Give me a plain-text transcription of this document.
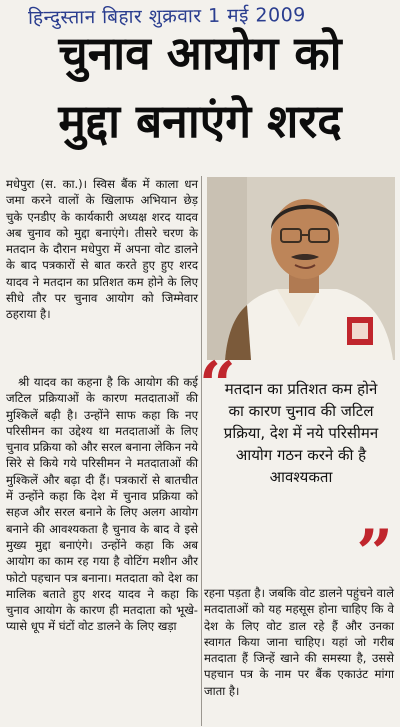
हिन्दुस्तान बिहार शुक्रवार 1 मई 2009
चुनाव आयोग को
मुद्दा बनाएंगे शरद
मधेपुरा (स. का.)। स्विस बैंक में काला धन जमा करने वालों के खिलाफ अभियान छेड़ चुके एनडीए के कार्यकारी अध्यक्ष शरद यादव अब चुनाव को मुद्दा बनाएंगे। तीसरे चरण के मतदान के दौरान मधेपुरा में अपना वोट डालने के बाद पत्रकारों से बात करते हुए हुए शरद यादव ने मतदान का प्रतिशत कम होने के लिए सीधे तौर पर चुनाव आयोग को जिम्मेवार ठहराया है।
श्री यादव का कहना है कि आयोग की कई जटिल प्रक्रियाओं के कारण मतदाताओं की मुश्किलें बढ़ी है। उन्होंने साफ कहा कि नए परिसीमन का उद्देश्य था मतदाताओं के लिए चुनाव प्रक्रिया को और सरल बनाना लेकिन नये सिरे से किये गये परिसीमन ने मतदाताओं की मुश्किलें और बढ़ा दी हैं। पत्रकारों से बातचीत में उन्होंने कहा कि देश में चुनाव प्रक्रिया को सहज और सरल बनाने के लिए अलग आयोग बनाने की आवश्यकता है चुनाव के बाद वे इसे मुख्य मुद्दा बनाएंगे। उन्होंने कहा कि अब आयोग का काम रह गया है वोटिंग मशीन और फोटो पहचान पत्र बनाना। मतदाता को देश का मालिक बताते हुए शरद यादव ने कहा कि चुनाव आयोग के कारण ही मतदाता को भूखे-प्यासे धूप में घंटों वोट डालने के लिए खड़ा
“
मतदान का प्रतिशत कम होने का कारण चुनाव की जटिल प्रक्रिया, देश में नये परिसीमन आयोग गठन करने की है आवश्यकता
”
रहना पड़ता है। जबकि वोट डालने पहुंचने वाले मतदाताओं को यह महसूस होना चाहिए कि वे देश के लिए वोट डाल रहे हैं और उनका स्वागत किया जाना चाहिए। यहां जो गरीब मतदाता हैं जिन्हें खाने की समस्या है, उससे पहचान पत्र के नाम पर बैंक एकाउंट मांगा जाता है।
